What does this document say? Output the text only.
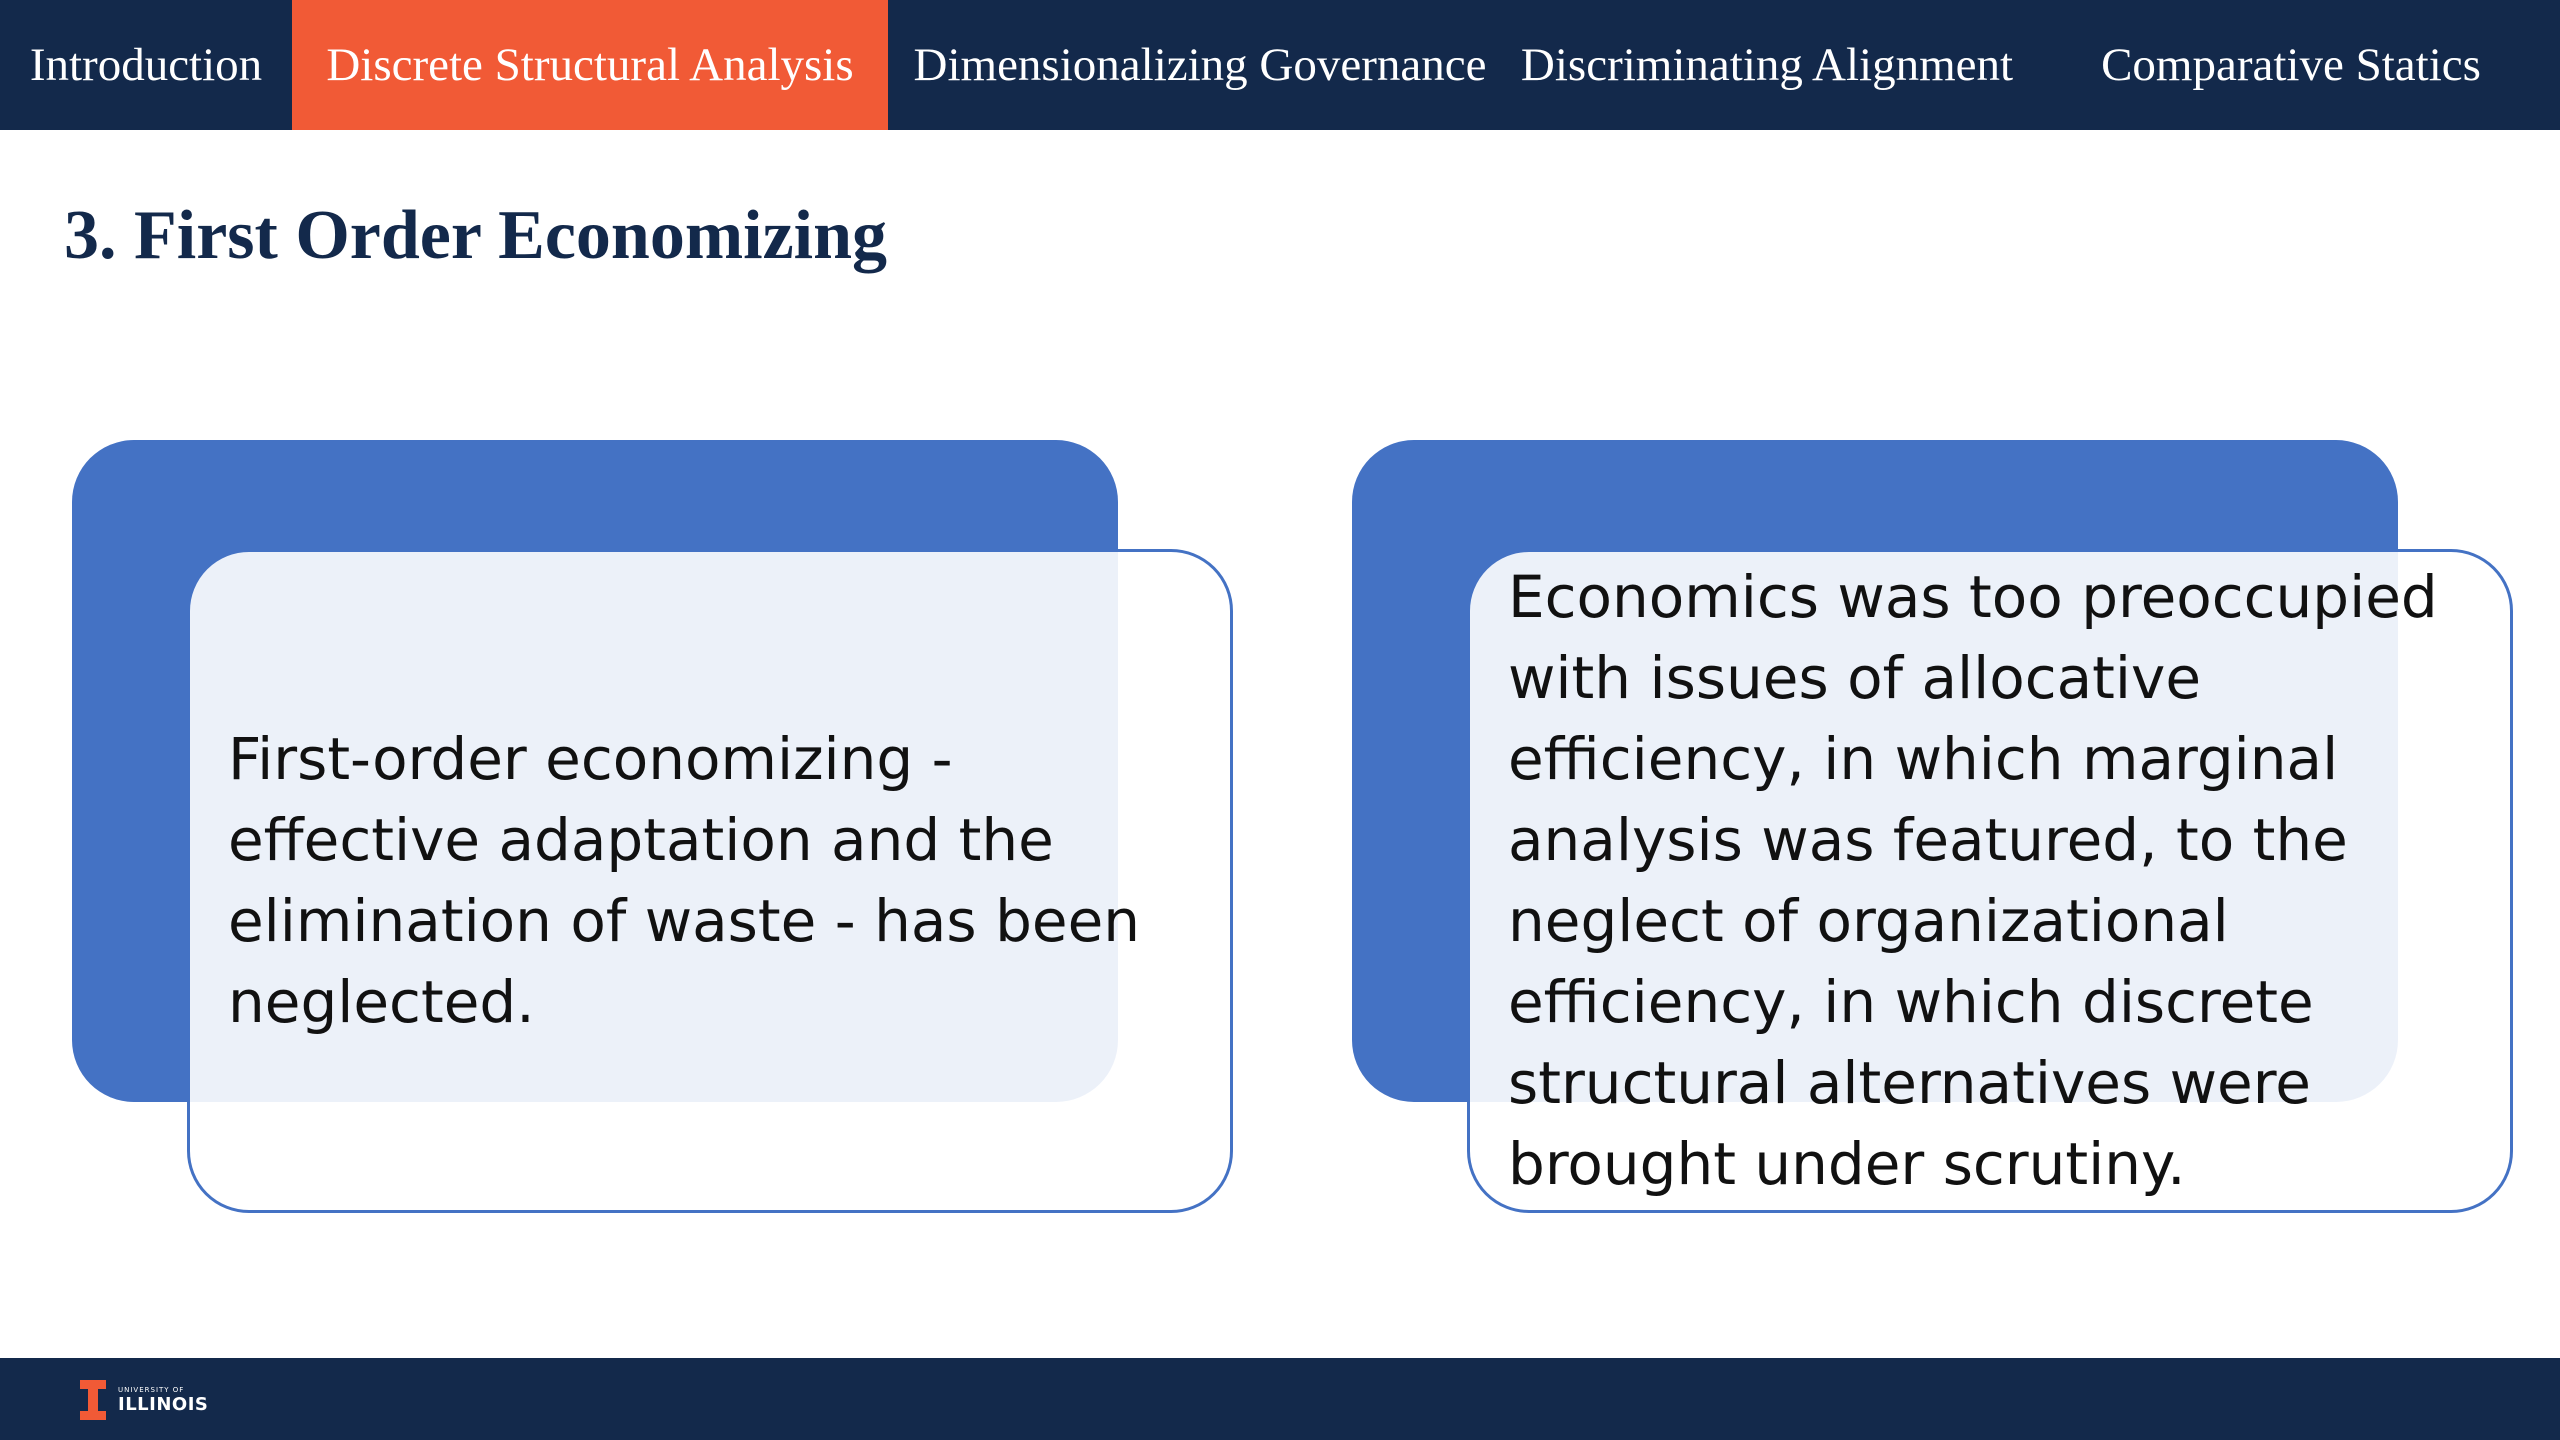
Introduction	Discrete Structural Analysis	Dimensionalizing Governance Discriminating Alignment	Comparative Statics
3. First Order Economizing
First-order economizing - effective adaptation and the elimination of waste - has been neglected.
Economics was too preoccupied with issues of allocative efficiency, in which marginal analysis was featured, to the neglect of organizational efficiency, in which discrete structural alternatives were brought under scrutiny.
UNIVERSITY OF
ILLINOIS
